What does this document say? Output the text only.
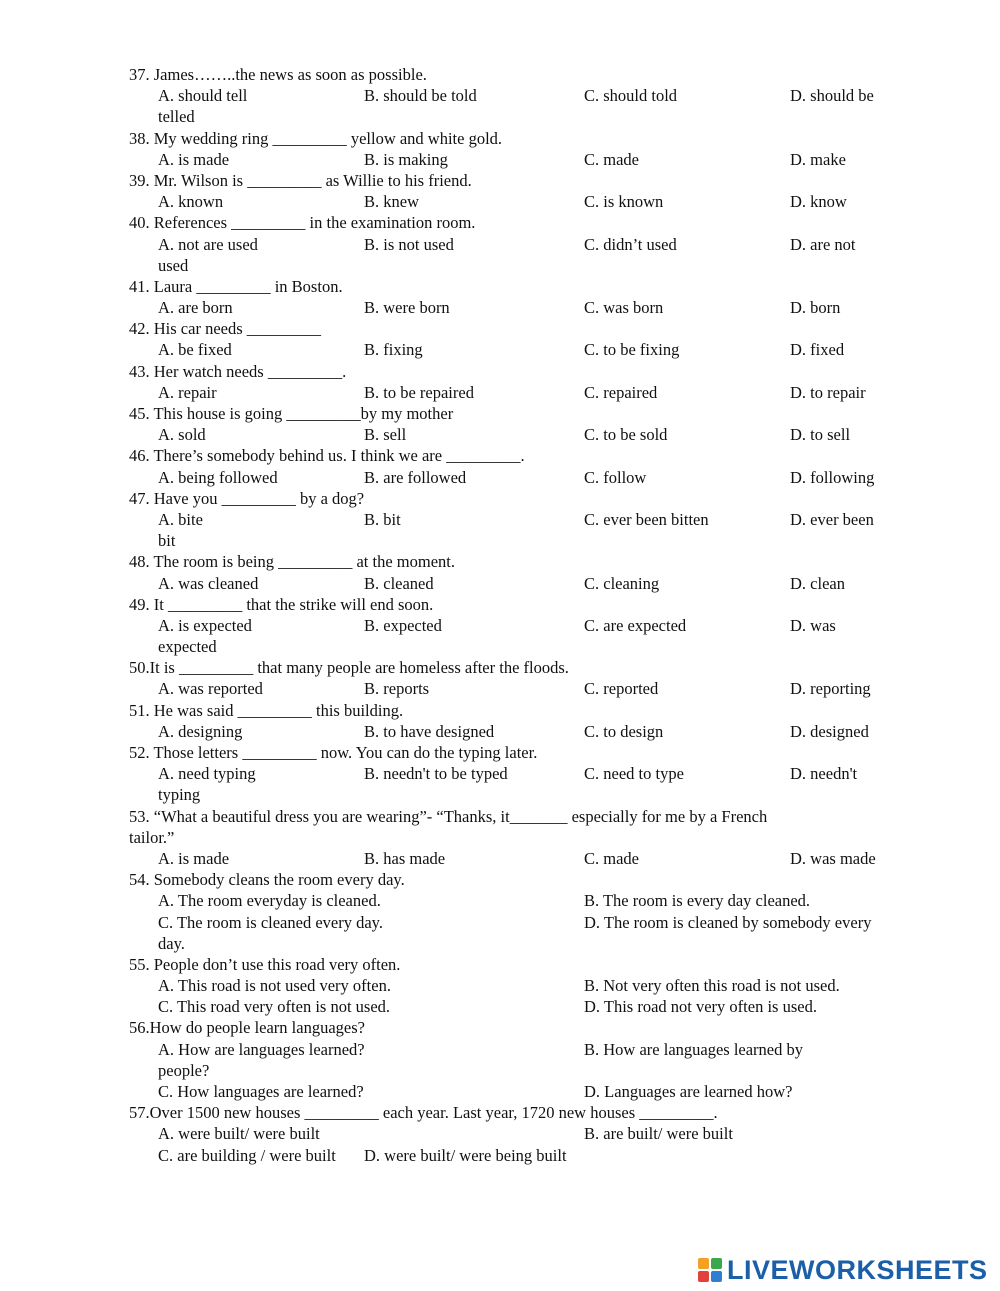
37. James……..the news as soon as possible.
A. should tell	B. should be told	C. should told	D. should be
telled
38. My wedding ring _________ yellow and white gold.
A. is made	B. is making	C. made	D. make
39. Mr. Wilson is _________ as Willie to his friend.
A. known	B. knew	C. is known	D. know
40. References _________ in the examination room.
A. not are used	B. is not used	C. didn’t used	D. are not
used
41. Laura _________ in Boston.
A. are born	B. were born	C. was born	D. born
42. His car needs _________
A. be fixed	B. fixing	C. to be fixing	D. fixed
43. Her watch needs _________.
A. repair	B. to be repaired	C. repaired	D. to repair
45. This house is going _________by my mother
A. sold	B. sell	C. to be sold	D. to sell
46. There’s somebody behind us. I think we are _________.
A. being followed	B. are followed	C. follow	D. following
47. Have you _________ by a dog?
A. bite	B. bit	C. ever been bitten	D. ever been
bit
48. The room is being _________ at the moment.
A. was cleaned	B. cleaned	C. cleaning	D. clean
49. It _________ that the strike will end soon.
A. is expected	B. expected	C. are expected	D. was
expected
50.It is _________ that many people are homeless after the floods.
A. was reported	B. reports	C. reported	D. reporting
51. He was said _________ this building.
A. designing	B. to have designed	C. to design	D. designed
52. Those letters _________ now. You can do the typing later.
A. need typing	B. needn't to be typed	C. need to type	D. needn't
typing
53. “What a beautiful dress you are wearing”- “Thanks, it_______ especially for me by a French
tailor.”
A. is made	B. has made	C. made	D. was made
54. Somebody cleans the room every day.
A. The room everyday is cleaned.	B. The room is every day cleaned.
C. The room is cleaned every day.	D. The room is cleaned by somebody every
day.
55. People don’t use this road very often.
A. This road is not used very often.	B. Not very often this road is not used.
C. This road very often is not used.	D. This road not very often is used.
56.How do people learn languages?
A. How are languages learned?	B. How are languages learned by
people?
C. How languages are learned?	D. Languages are learned how?
57.Over 1500 new houses _________ each year. Last year, 1720 new houses _________.
A. were built/ were built	B. are built/ were built
C. are building / were built D. were built/ were being built
LIVEWORKSHEETS
